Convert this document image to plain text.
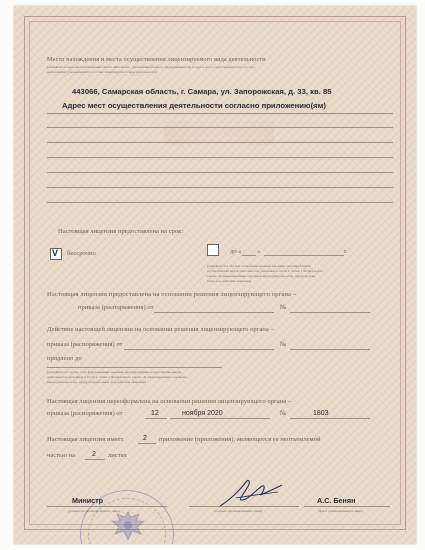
Место нахождения и места осуществления лицензируемого вида деятельности
(указывается адрес места нахождения (места жительства – для индивидуального предпринимателя) и адреса мест осуществления работ (услуг),
выполняемых (оказываемых) в составе лицензируемого вида деятельности)
443066, Самарская область, г. Самара, ул. Запорожская, д. 33, кв. 85
Адрес мест осуществления деятельности согласно приложению(ям)
Настоящая лицензия предоставлена на срок:
V бессрочно	до « »	г.
(указывается в случаях, если федеральными законами, регулирующими
осуществление видов деятельности, указанных в части 4 статьи 1 Федерального
закона «О лицензировании отдельных видов деятельности», предусмотрен
иной срок действия лицензии)
Настоящая лицензия предоставлена на основании решения лицензирующего органа –
приказа (распоряжения) от	№
Действие настоящей лицензии на основании решения лицензирующего органа –
приказа (распоряжения) от	№
продлено до
(указывается в случае, если федеральными законами, регулирующими осуществление видов
деятельности, указанных в части 4 статьи 1 Федерального закона «О лицензировании отдельных
видов деятельности», предусмотрено иной срок действия лицензии)
Настоящая лицензия переоформлена на основании решения лицензирующего органа –
приказа (распоряжения) от	12	ноября 2020	№	1803
Настоящая лицензия имеет	2 приложение (приложения), являющееся ее неотъемлемой
частью на 2 листах
Министр
(должность уполномоченного лица)	(подпись уполномоченного лица)
А.С. Бенян
(ф.и.о. уполномоченного лица)
